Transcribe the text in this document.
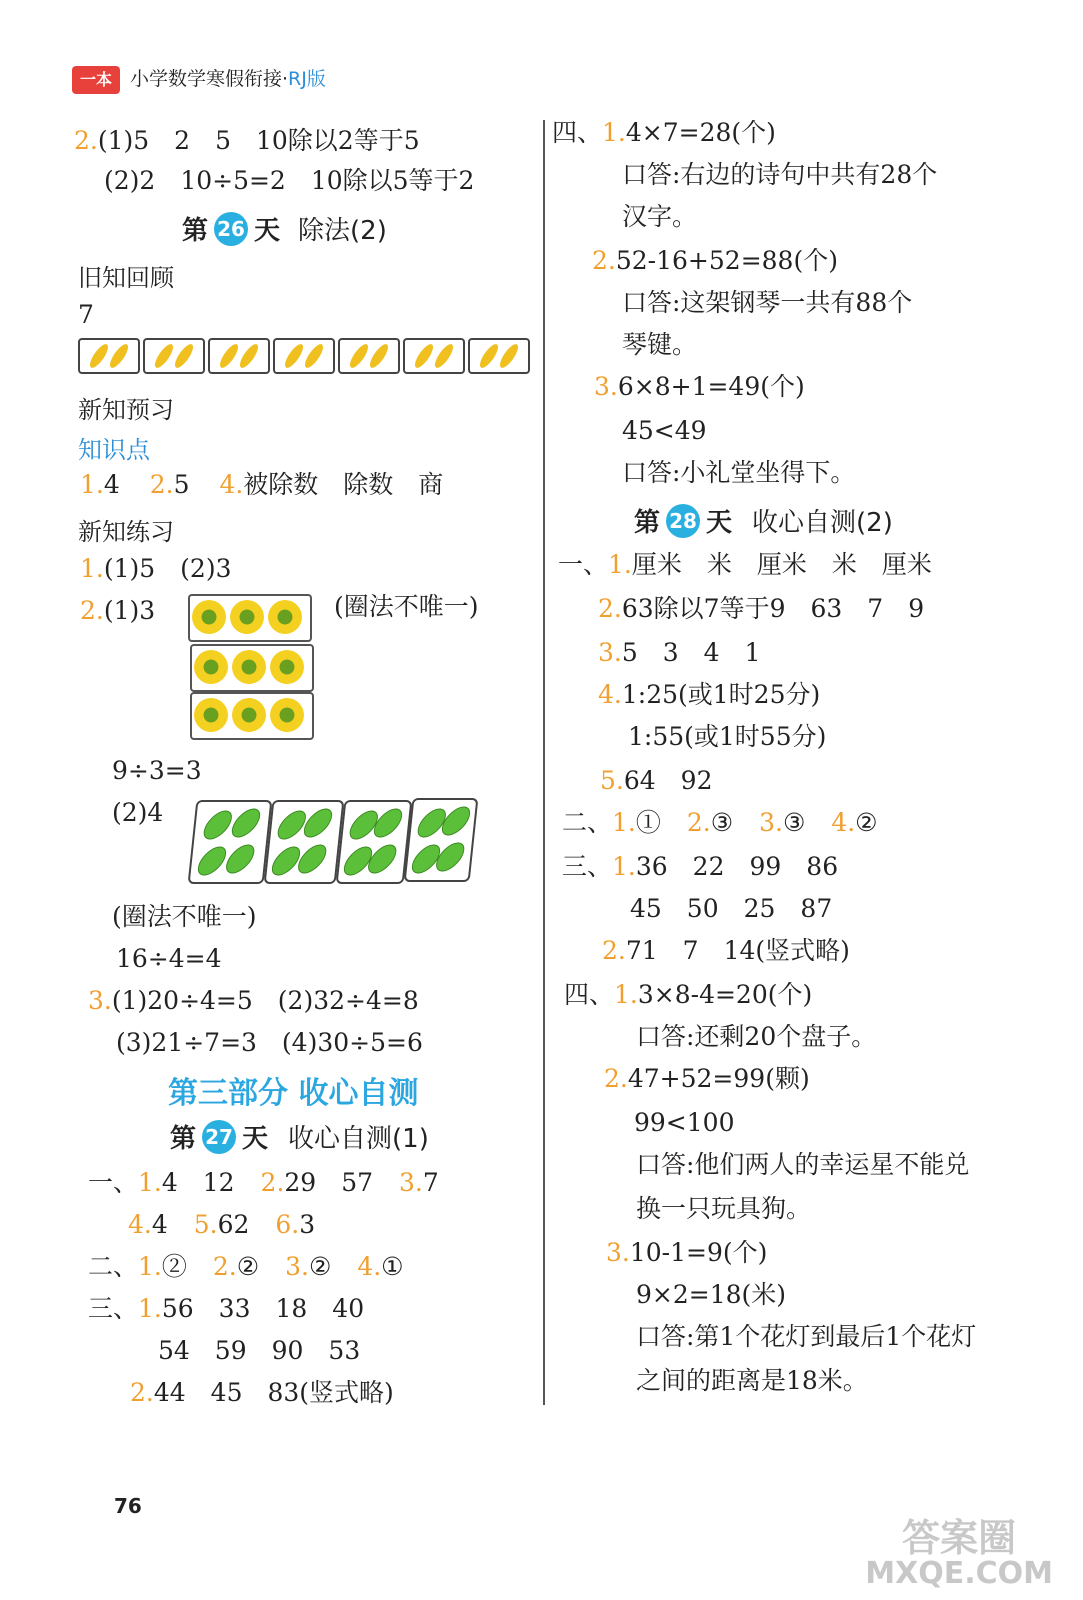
一本 小学数学寒假衔接·RJ版
2.(1)5　2　5　10除以2等于5
(2)2　10÷5=2　10除以5等于2
第 26 天 除法(2)
旧知回顾
7
新知预习
知识点
1.4 2.5 4.被除数　除数　商
新知练习
1.(1)5　(2)3
2.(1)3	(圈法不唯一)
9÷3=3
(2)4
(圈法不唯一)
16÷4=4
3.(1)20÷4=5　(2)32÷4=8
(3)21÷7=3　(4)30÷5=6
第三部分 收心自测
第 27 天 收心自测(1)
一、1.4　12 2.29　57 3.7
4.4 5.62 6.3
二、1.② 2.② 3.② 4.①
三、1.56　33　18　40
54　59　90　53
2.44　45　83(竖式略)
四、1.4×7=28(个)
口答:右边的诗句中共有28个
汉字。
2.52-16+52=88(个)
口答:这架钢琴一共有88个
琴键。
3.6×8+1=49(个)
45<49
口答:小礼堂坐得下。
第 28 天 收心自测(2)
一、1.厘米　米　厘米　米　厘米
2.63除以7等于9　63　7　9
3.5　3　4　1
4.1:25(或1时25分)
1:55(或1时55分)
5.64　92
二、1.① 2.③ 3.③ 4.②
三、1.36　22　99　86
45　50　25　87
2.71　7　14(竖式略)
四、1.3×8-4=20(个)
口答:还剩20个盘子。
2.47+52=99(颗)
99<100
口答:他们两人的幸运星不能兑
换一只玩具狗。
3.10-1=9(个)
9×2=18(米)
口答:第1个花灯到最后1个花灯
之间的距离是18米。
76
答案圈
MXQE.COM
